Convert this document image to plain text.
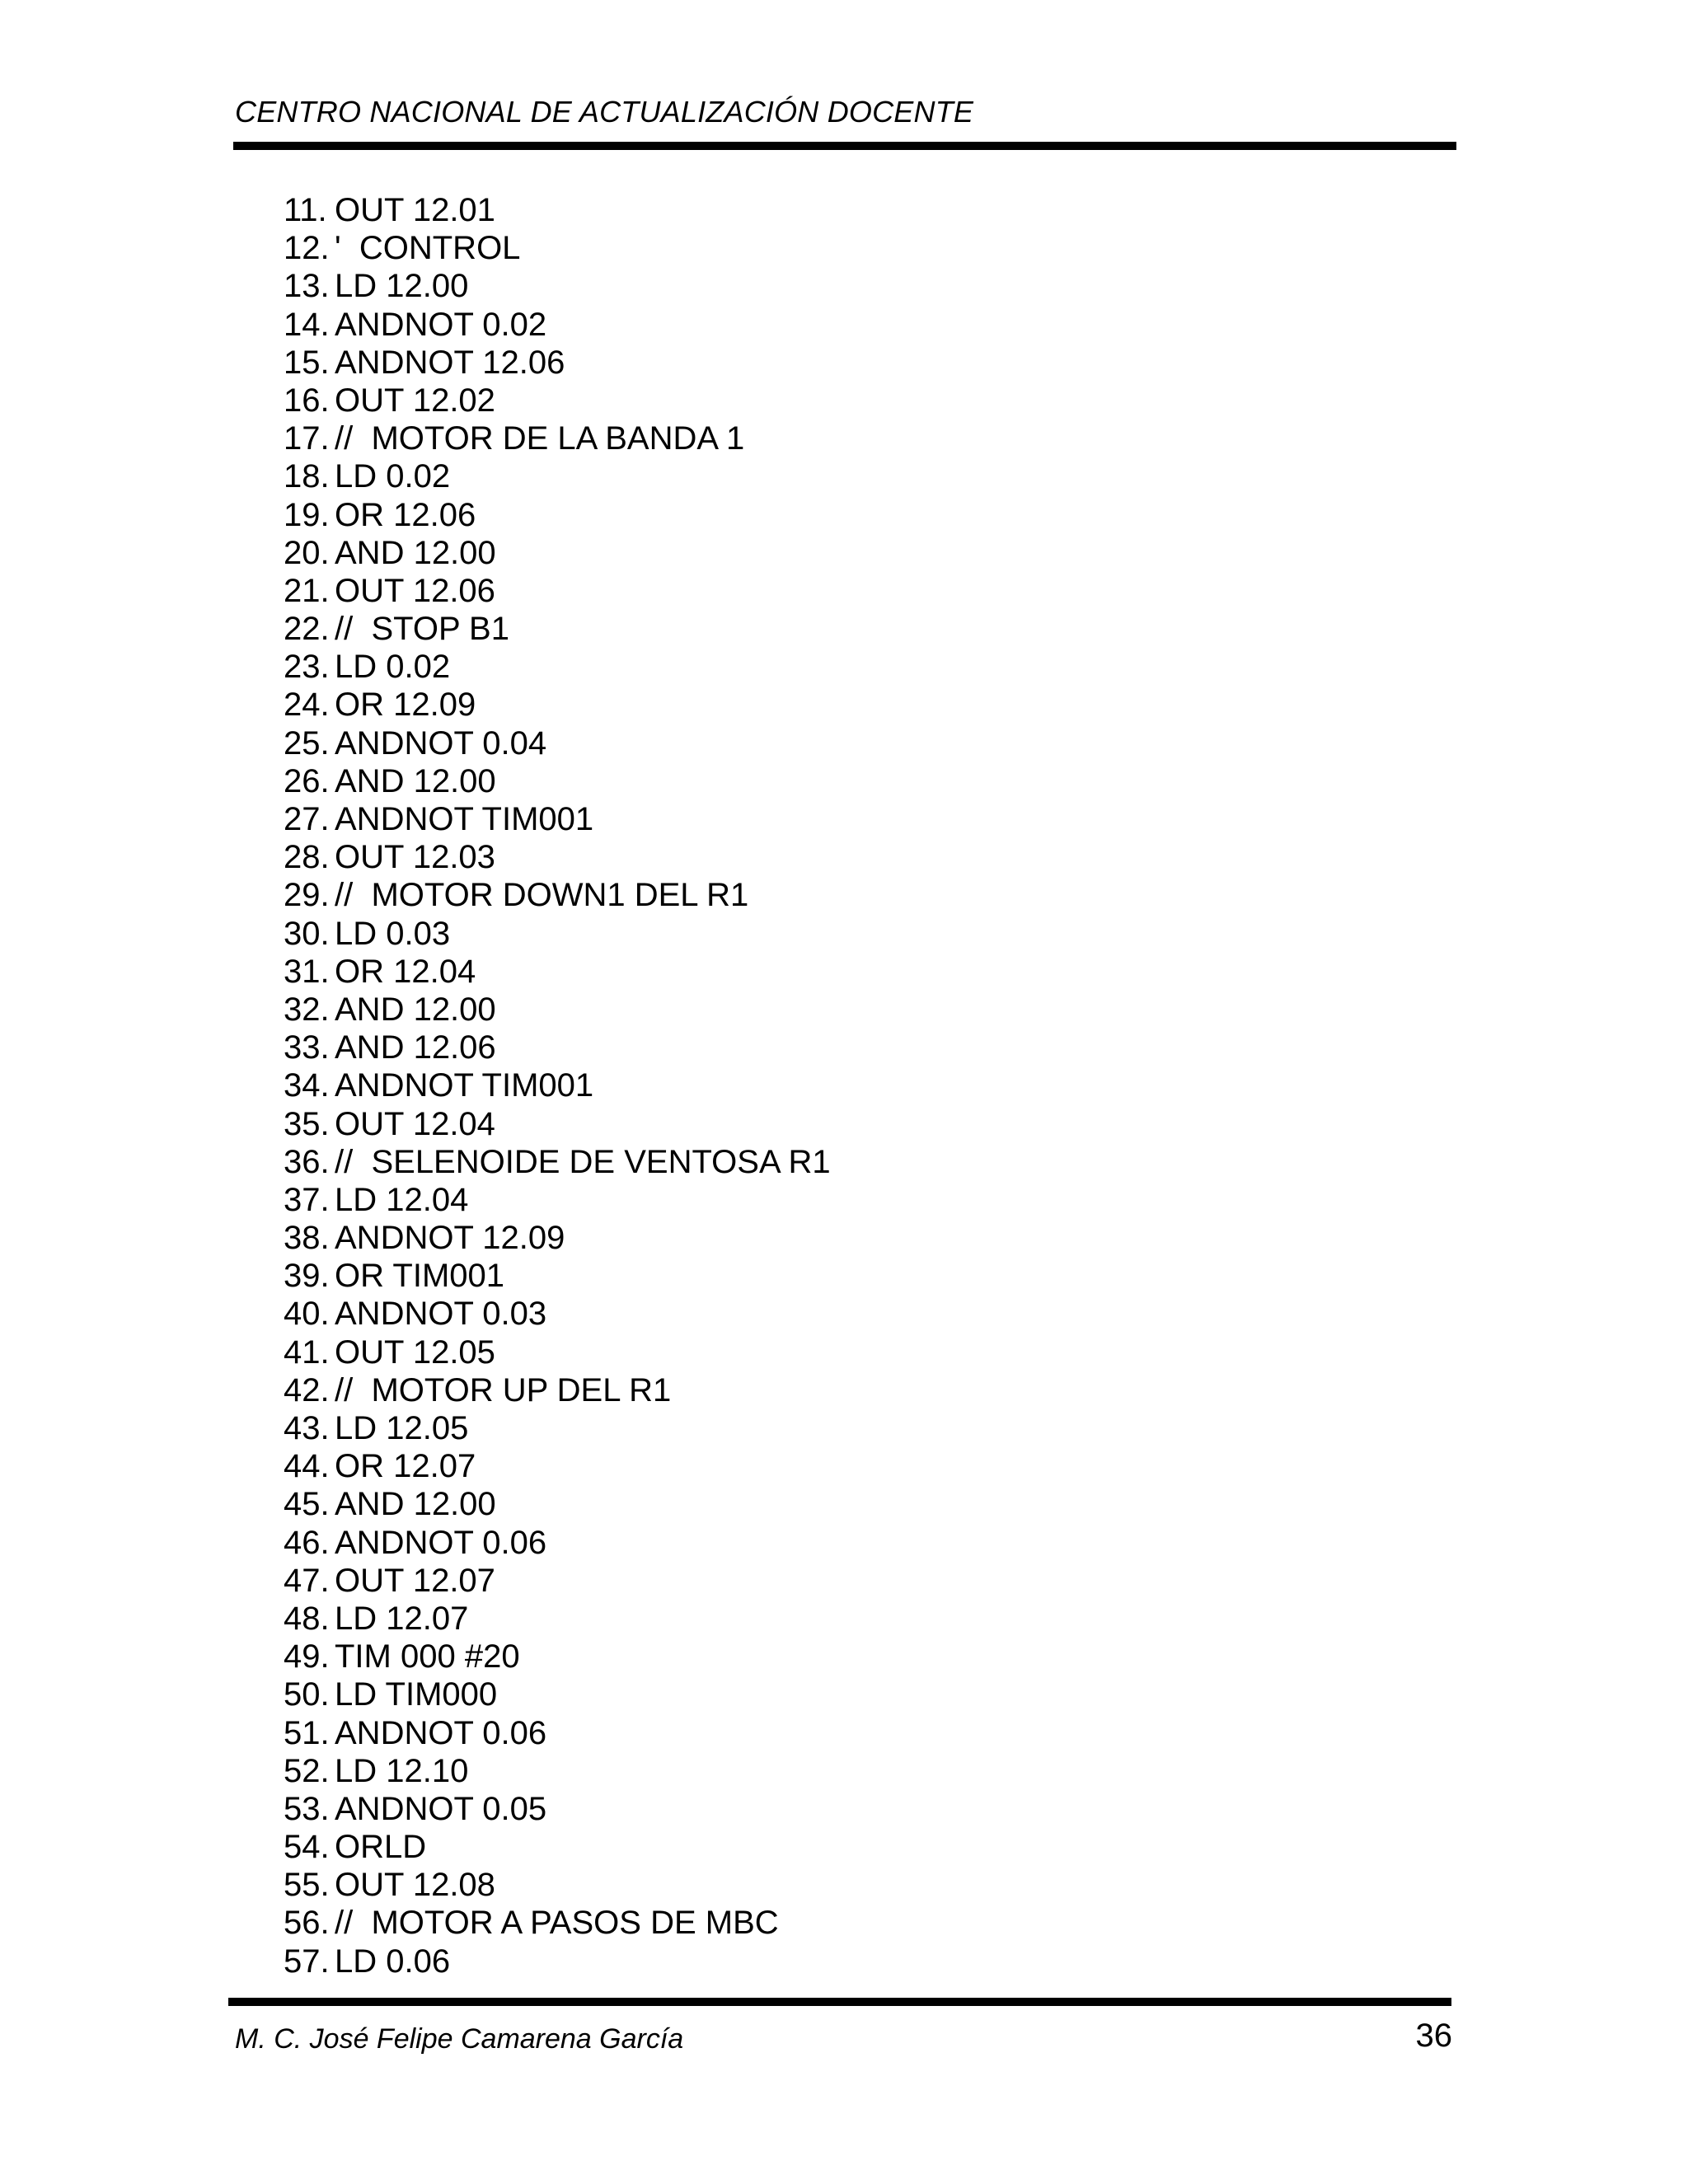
CENTRO NACIONAL DE ACTUALIZACIÓN DOCENTE
11. OUT 12.01
12. '  CONTROL
13. LD 12.00
14. ANDNOT 0.02
15. ANDNOT 12.06
16. OUT 12.02
17. //  MOTOR DE LA BANDA 1
18. LD 0.02
19. OR 12.06
20. AND 12.00
21. OUT 12.06
22. //  STOP B1
23. LD 0.02
24. OR 12.09
25. ANDNOT 0.04
26. AND 12.00
27. ANDNOT TIM001
28. OUT 12.03
29. //  MOTOR DOWN1 DEL R1
30. LD 0.03
31. OR 12.04
32. AND 12.00
33. AND 12.06
34. ANDNOT TIM001
35. OUT 12.04
36. //  SELENOIDE DE VENTOSA R1
37. LD 12.04
38. ANDNOT 12.09
39. OR TIM001
40. ANDNOT 0.03
41. OUT 12.05
42. //  MOTOR UP DEL R1
43. LD 12.05
44. OR 12.07
45. AND 12.00
46. ANDNOT 0.06
47. OUT 12.07
48. LD 12.07
49. TIM 000 #20
50. LD TIM000
51. ANDNOT 0.06
52. LD 12.10
53. ANDNOT 0.05
54. ORLD
55. OUT 12.08
56. //  MOTOR A PASOS DE MBC
57. LD 0.06
M. C. José Felipe Camarena García	36
